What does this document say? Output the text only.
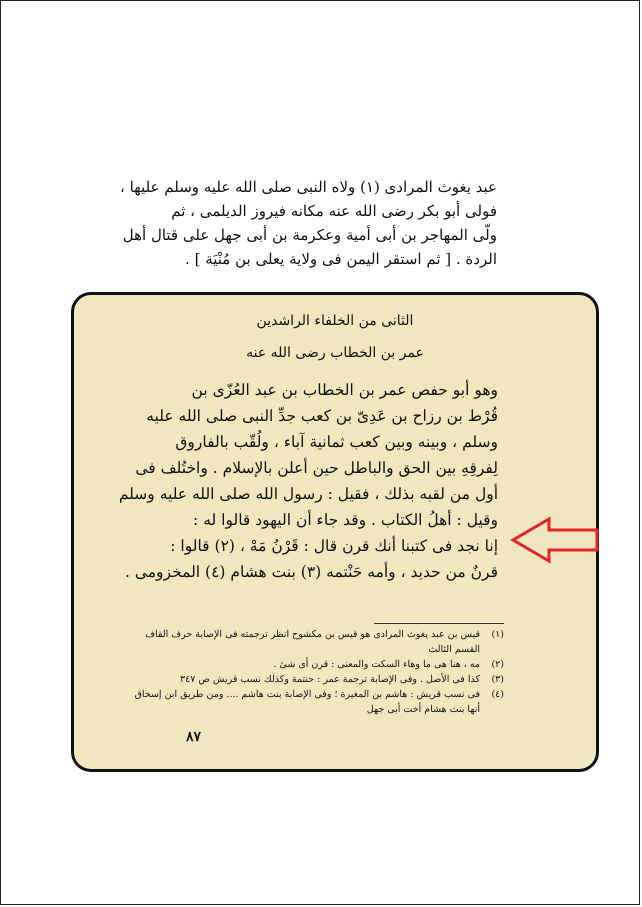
عبد يغوث المرادى (١) ولاه النبى صلى الله عليه وسلم عليها ،
فولى أبو بكر رضى الله عنه مكانه فيروز الديلمى ، ثم
ولّى المهاجر بن أبى أمية وعكرمة بن أبى جهل على قتال أهل
الردة . [ ثم استقر اليمن فى ولاية يعلى بن مُنْيَة ] .
الثانى من الخلفاء الراشدين
عمر بن الخطاب رضى الله عنه
وهو أبو حفص عمر بن الخطاب بن عبد العُزّى بن
قُرْط بن رزاح بن عَدِىّ بن كعب جدِّ النبى صلى الله عليه
وسلم ، وبينه وبين كعب ثمانية آباء ، ولُقّب بالفاروق
لِفرقِهِ بين الحق والباطل حين أعلن بالإسلام . واختُلف فى
أول من لقبه بذلك ، فقيل : رسول الله صلى الله عليه وسلم
وقيل : أهلُ الكتاب . وقد جاء أن اليهود قالوا له :
إنا نجد فى كتبنا أنك قرن قال : قَرْنُ مَهْ ، (٢) قالوا :
قرنٌ من حديد ، وأمه حَنْتمه (٣) بنت هشام (٤) المخزومى .
(١)
قيس بن عبد يغوث المرادى هو قيس بن مكشوح انظر ترجمته فى الإصابة حرف القاف
القسم الثالث
(٢)
مه ، هنا هى ما وهاء السكت والمعنى : قرن أى شئ .
(٣)
كذا فى الأصل . وفى الإصابة ترجمة عمر : حنتمة وكذلك نسب قريش ص ٣٤٧
(٤)
فى نسب قريش : هاشم بن المغيرة ؛ وفى الإصابة بنت هاشم .... ومن طريق ابن إسحاق
أنها بنت هشام أخت أبى جهل
٨٧
